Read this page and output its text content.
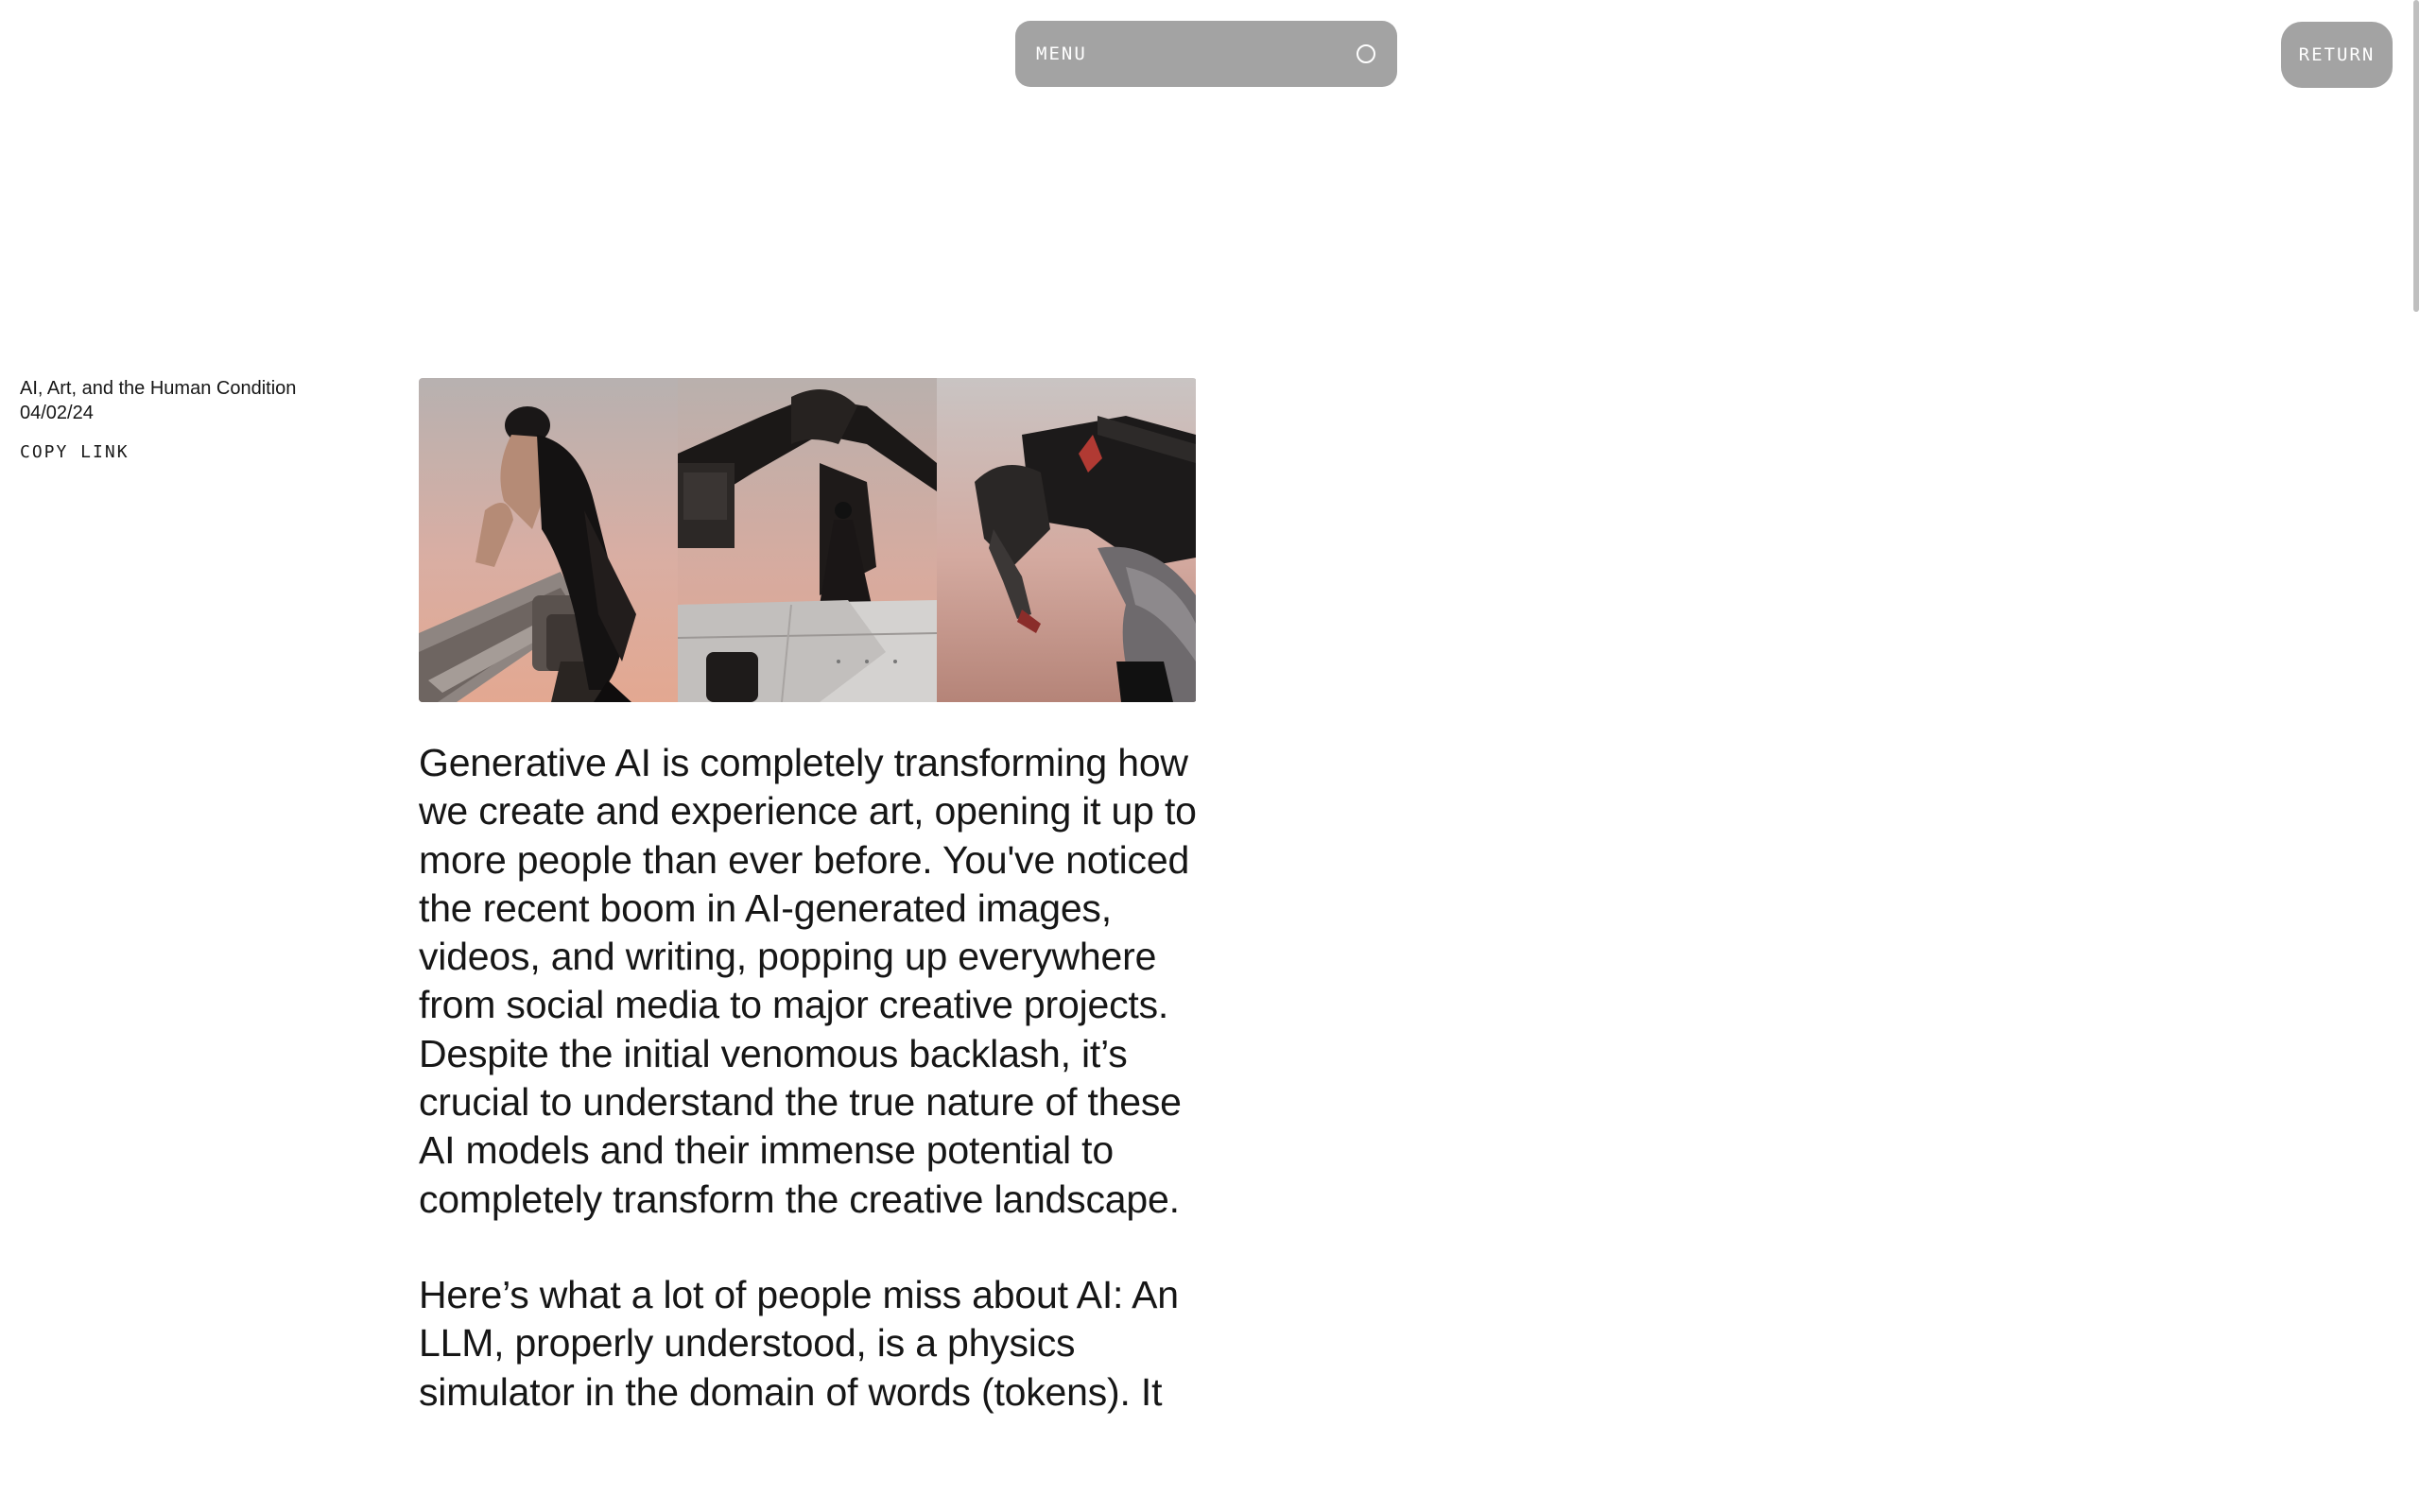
MENU	RETURN
AI, Art, and the Human Condition
04/02/24
COPY LINK

Generative AI is completely transforming how we create and experience art, opening it up to more people than ever before. You've noticed the recent boom in AI-generated images, videos, and writing, popping up everywhere from social media to major creative projects. Despite the initial venomous backlash, it’s crucial to understand the true nature of these AI models and their immense potential to completely transform the creative landscape.

Here’s what a lot of people miss about AI: An LLM, properly understood, is a physics simulator in the domain of words (tokens). It
